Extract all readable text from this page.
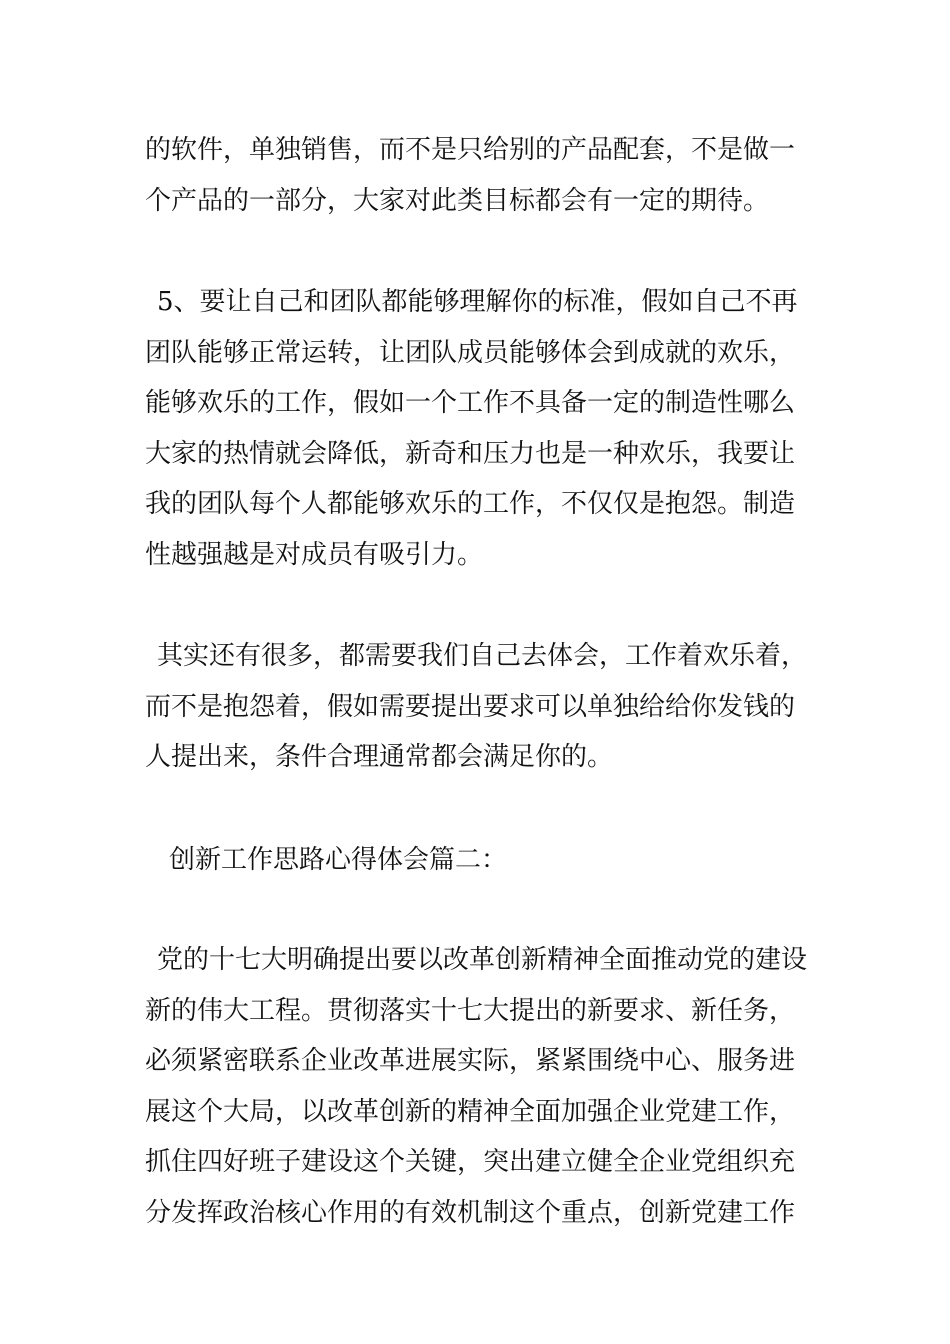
的软件，单独销售，而不是只给别的产品配套，不是做一
个产品的一部分，大家对此类目标都会有一定的期待。

5、要让自己和团队都能够理解你的标准，假如自己不再

团队能够正常运转，让团队成员能够体会到成就的欢乐，
能够欢乐的工作，假如一个工作不具备一定的制造性哪么
大家的热情就会降低，新奇和压力也是一种欢乐，我要让
我的团队每个人都能够欢乐的工作，不仅仅是抱怨。制造
性越强越是对成员有吸引力。

其实还有很多，都需要我们自己去体会，工作着欢乐着，

而不是抱怨着，假如需要提出要求可以单独给给你发钱的
人提出来，条件合理通常都会满足你的。

创新工作思路心得体会篇二：

党的十七大明确提出要以改革创新精神全面推动党的建设

新的伟大工程。贯彻落实十七大提出的新要求、新任务，
必须紧密联系企业改革进展实际，紧紧围绕中心、服务进
展这个大局，以改革创新的精神全面加强企业党建工作，
抓住四好班子建设这个关键，突出建立健全企业党组织充
分发挥政治核心作用的有效机制这个重点，创新党建工作
